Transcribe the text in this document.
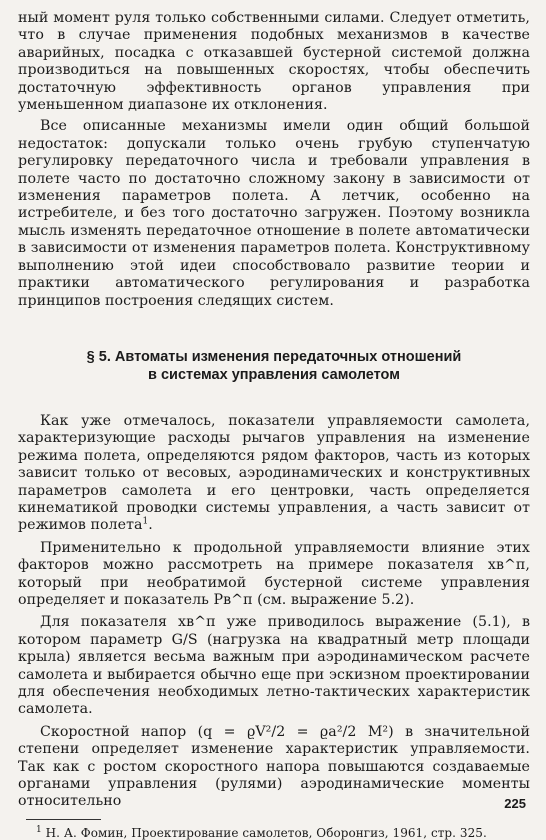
ный момент руля только собственными силами. Следует отметить, что в случае применения подобных механизмов в качестве аварийных, посадка с отказавшей бустерной системой должна производиться на повышенных скоростях, чтобы обеспечить достаточную эффективность органов управления при уменьшенном диапазоне их отклонения.

Все описанные механизмы имели один общий большой недостаток: допускали только очень грубую ступенчатую регулировку передаточного числа и требовали управления в полете часто по достаточно сложному закону в зависимости от изменения параметров полета. А летчик, особенно на истребителе, и без того достаточно загружен. Поэтому возникла мысль изменять передаточное отношение в полете автоматически в зависимости от изменения параметров полета. Конструктивному выполнению этой идеи способствовало развитие теории и практики автоматического регулирования и разработка принципов построения следящих систем.

§ 5. Автоматы изменения передаточных отношений
в системах управления самолетом

Как уже отмечалось, показатели управляемости самолета, характеризующие расходы рычагов управления на изменение режима полета, определяются рядом факторов, часть из которых зависит только от весовых, аэродинамических и конструктивных параметров самолета и его центровки, часть определяется кинематикой проводки системы управления, а часть зависит от режимов полета$^1$.

Применительно к продольной управляемости влияние этих факторов можно рассмотреть на примере показателя xв^п, который при необратимой бустерной системе управления определяет и показатель Pв^п (см. выражение 5.2).

Для показателя xв^п уже приводилось выражение (5.1), в котором параметр G/S (нагрузка на квадратный метр площади крыла) является весьма важным при аэродинамическом расчете самолета и выбирается обычно еще при эскизном проектировании для обеспечения необходимых летно-тактических характеристик самолета.

Скоростной напор (q = ϱV²/2 = ϱa²/2 M²) в значительной степени определяет изменение характеристик управляемости. Так как с ростом скоростного напора повышаются создаваемые органами управления (рулями) аэродинамические моменты относительно

$^1$ Н. А. Фомин, Проектирование самолетов, Оборонгиз, 1961, стр. 325.

225
